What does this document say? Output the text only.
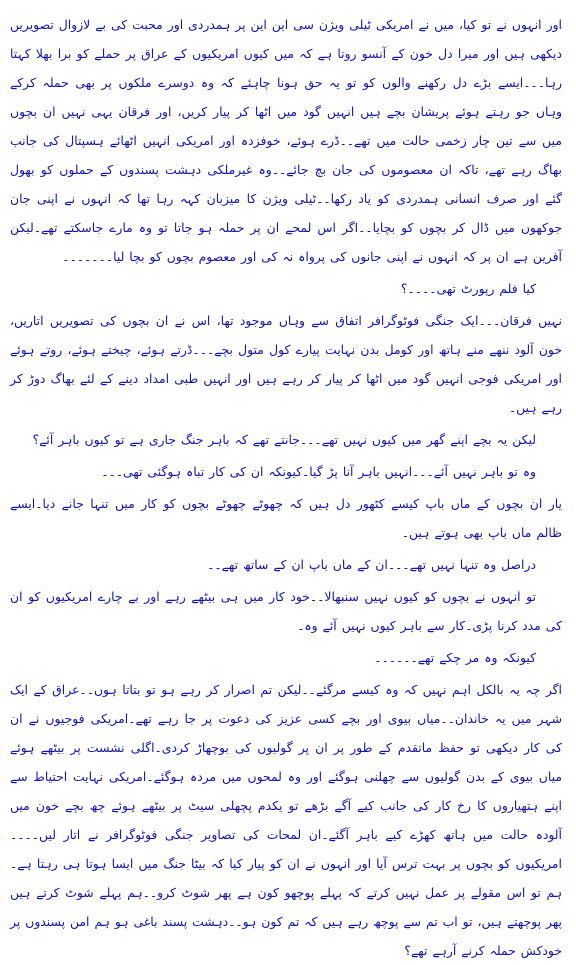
اور انہوں نے تو کیا، میں نے امریکی ٹیلی ویژن سی این این پر ہمدردی اور محبت کی بے لازوال تصویریں دیکھی ہیں اور میرا دل خون کے آنسو روتا ہے کہ میں کیوں امریکیوں کے عراق پر حملے کو برا بھلا کہتا رہا۔۔۔ایسے بڑے دل رکھنے والوں کو تو یہ حق ہونا چاہئے کہ وہ دوسرے ملکوں پر بھی حملہ کرکے وہاں جو رہتے ہوئے پریشان بچے ہیں انہیں گود میں اٹھا کر پیار کریں، اور فرقان یہی نہیں ان بچوں میں سے تین چار زخمی حالت میں تھے۔۔ڈرے ہوئے، خوفزدہ اور امریکی انہیں اٹھائے ہسپتال کی جانب بھاگ رہے تھے، تاکہ ان معصوموں کی جان بچ جائے۔۔وہ غیرملکی دہشت پسندوں کے حملوں کو بھول گئے اور صرف انسانی ہمدردی کو یاد رکھا۔۔ٹیلی ویژن کا میزبان کہہ رہا تھا کہ انہوں نے اپنی جان جوکھوں میں ڈال کر بچوں کو بچایا۔۔اگر اس لمحے ان پر حملہ ہو جاتا تو وہ مارے جاسکتے تھے۔لیکن آفرین ہے ان پر کہ انہوں نے اپنی جانوں کی پرواہ نہ کی اور معصوم بچوں کو بچا لیا۔۔۔۔۔۔۔

کیا فلم رپورٹ تھی۔۔۔۔؟

نہیں فرقان۔۔۔ایک جنگی فوٹوگرافر اتفاق سے وہاں موجود تھا، اس نے ان بچوں کی تصویریں اتاریں، خون آلود ننھے منے ہاتھ اور کومل بدن نہایت پیارے کول متول بچے۔۔۔ڈرتے ہوئے، چیختے ہوئے، روتے ہوئے اور امریکی فوجی انہیں گود میں اٹھا کر پیار کر رہے ہیں اور انہیں طبی امداد دینے کے لئے بھاگ دوڑ کر رہے ہیں۔

لیکن یہ بچے اپنے گھر میں کیوں نہیں تھے۔۔۔جانتے تھے کہ باہر جنگ جاری ہے تو کیوں باہر آئے؟

وہ تو باہر نہیں آئے۔۔۔انہیں باہر آنا پڑ گیا۔کیونکہ ان کی کار تباہ ہوگئی تھی۔۔۔

یار ان بچوں کے ماں باپ کیسے کٹھور دل ہیں کہ چھوٹے چھوٹے بچوں کو کار میں تنہا جانے دیا۔ایسے ظالم ماں باپ بھی ہوتے ہیں۔

دراصل وہ تنہا نہیں تھے۔۔۔ان کے ماں باپ ان کے ساتھ تھے۔۔

تو انہوں نے بچوں کو کیوں نہیں سنبھالا۔۔خود کار میں ہی بیٹھے رہے اور بے چارے امریکیوں کو ان کی مدد کرنا پڑی۔کار سے باہر کیوں نہیں آئے وہ۔

کیونکہ وہ مر چکے تھے۔۔۔۔۔۔

اگر چہ یہ بالکل اہم نہیں کہ وہ کیسے مرگئے۔۔لیکن تم اصرار کر رہے ہو تو بتاتا ہوں۔۔عراق کے ایک شہر میں یہ خاندان۔۔میاں بیوی اور بچے کسی عزیز کی دعوت پر جا رہے تھے۔امریکی فوجیوں نے ان کی کار دیکھی تو حفظ ماتقدم کے طور پر ان پر گولیوں کی بوچھاڑ کردی۔اگلی نشست پر بیٹھے ہوئے میاں بیوی کے بدن گولیوں سے چھلنی ہوگئے اور وہ لمحوں میں مردہ ہوگئے۔امریکی نہایت احتیاط سے اپنے ہتھیاروں کا رخ کار کی جانب کیے آگے بڑھے تو یکدم پچھلی سیٹ پر بیٹھے ہوئے چھ بچے خون میں آلودہ حالت میں ہاتھ کھڑے کیے باہر آگئے۔ان لمحات کی تصاویر جنگی فوٹوگرافر نے اتار لیں۔۔۔۔امریکیوں کو بچوں پر بہت ترس آیا اور انہوں نے ان کو پیار کیا کہ بیٹا جنگ میں ایسا ہوتا ہی رہتا ہے۔ہم تو اس مقولے پر عمل نہیں کرتے کہ پہلے پوچھو کون ہے پھر شوٹ کرو۔۔ہم پہلے شوٹ کرتے ہیں پھر پوچھتے ہیں، تو اب تم سے پوچھ رہے ہیں کہ تم کون ہو۔۔دہشت پسند باغی ہو ہم امن پسندوں پر خودکش حملہ کرنے آرہے تھے؟
